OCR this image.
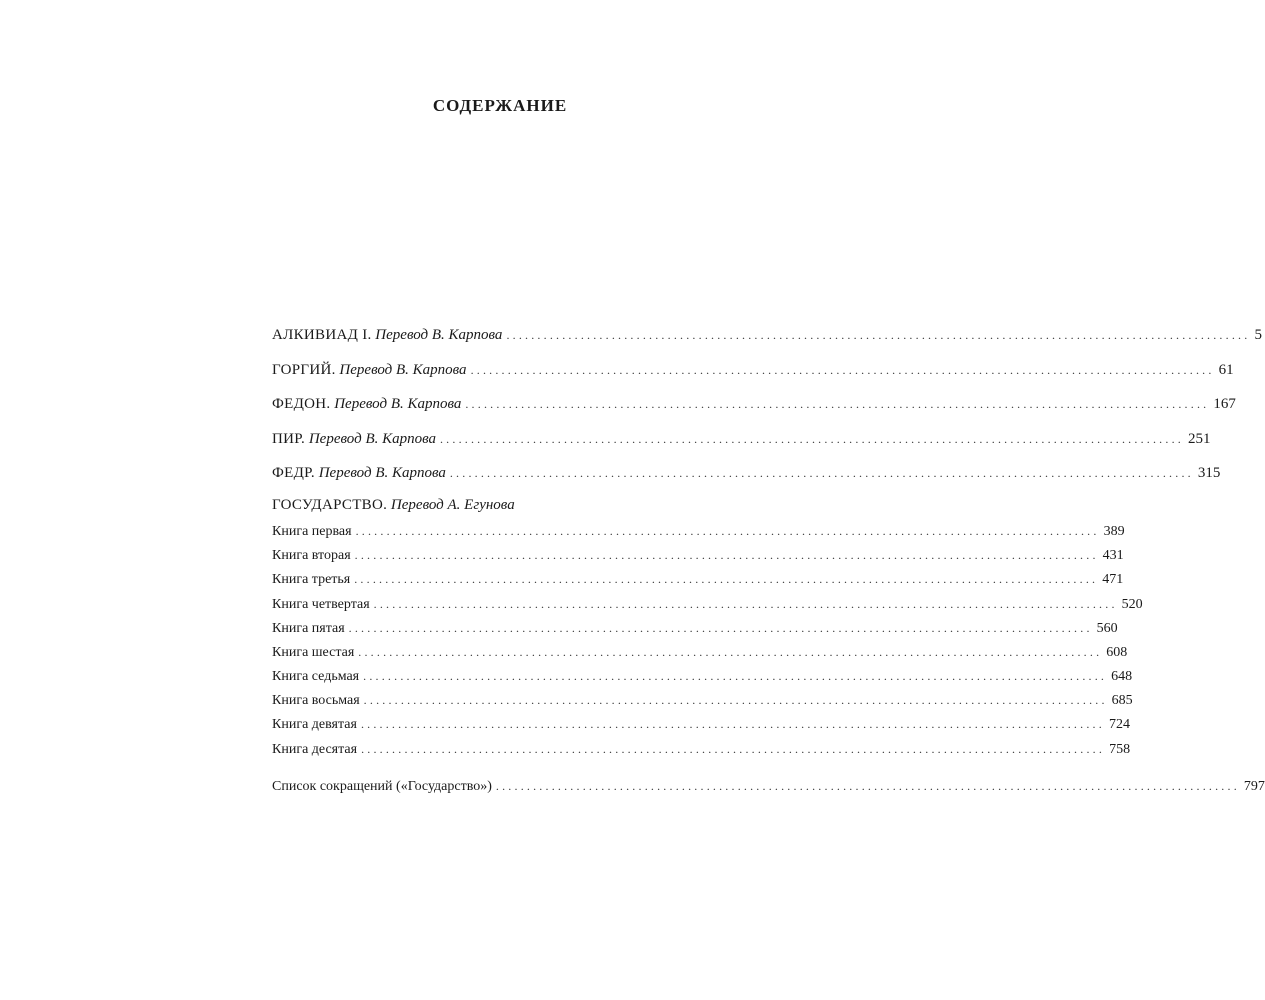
СОДЕРЖАНИЕ
АЛКИВИАД I.
Перевод В. Карпова ........................................................................................................................ 5
ГОРГИЙ.
Перевод В. Карпова ........................................................................................................................ 61
ФЕДОН.
Перевод В. Карпова ........................................................................................................................ 167
ПИР.
Перевод В. Карпова ........................................................................................................................ 251
ФЕДР.
Перевод В. Карпова ........................................................................................................................ 315
ГОСУДАРСТВО.
Перевод А. Егунова
Книга первая ........................................................................................................................ 389
Книга вторая ........................................................................................................................ 431
Книга третья ........................................................................................................................ 471
Книга четвертая ........................................................................................................................ 520
Книга пятая ........................................................................................................................ 560
Книга шестая ........................................................................................................................ 608
Книга седьмая ........................................................................................................................ 648
Книга восьмая ........................................................................................................................ 685
Книга девятая ........................................................................................................................ 724
Книга десятая ........................................................................................................................ 758
Список сокращений («Государство») ........................................................................................................................ 797
